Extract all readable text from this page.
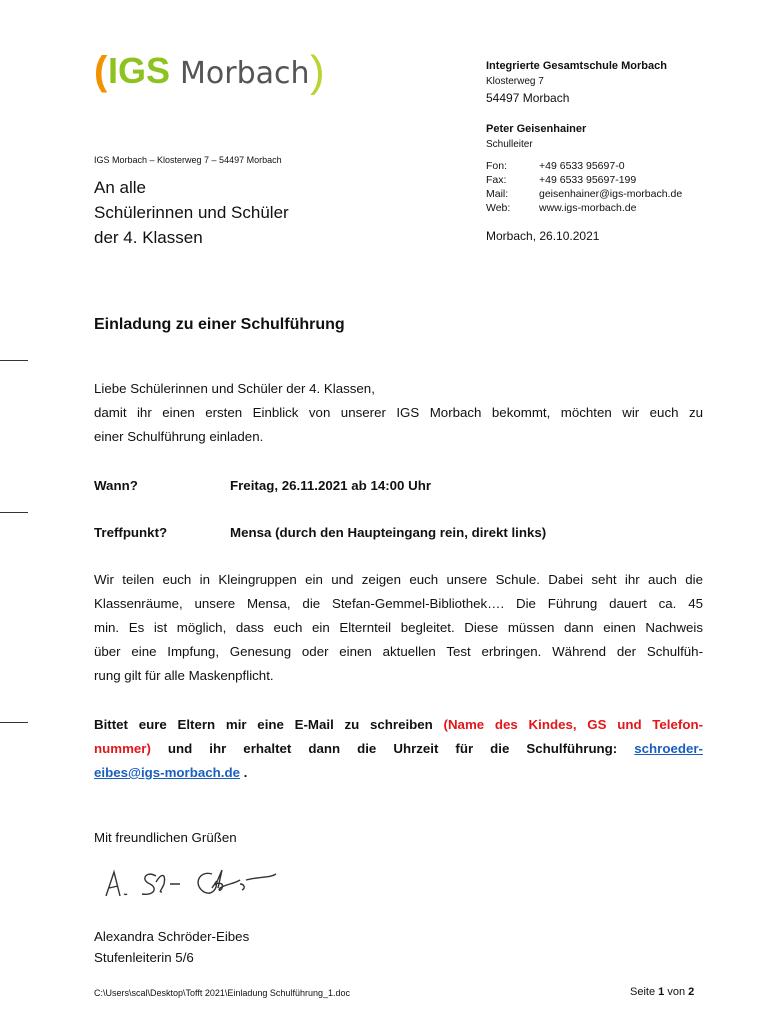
( IGS Morbach )	Integrierte Gesamtschule Morbach
Klosterweg 7
54497 Morbach
Peter Geisenhainer
Schulleiter
Fon:	+49 6533 95697-0
Fax:	+49 6533 95697-199
Mail:	geisenhainer@igs-morbach.de
Web:	www.igs-morbach.de
Morbach, 26.10.2021
IGS Morbach – Klosterweg 7 – 54497 Morbach
An alle
Schülerinnen und Schüler
der 4. Klassen
Einladung zu einer Schulführung
Liebe Schülerinnen und Schüler der 4. Klassen,
damit ihr einen ersten Einblick von unserer IGS Morbach bekommt, möchten wir euch zu
einer Schulführung einladen.
Wann?	Freitag, 26.11.2021 ab 14:00 Uhr
Treffpunkt?	Mensa (durch den Haupteingang rein, direkt links)
Wir teilen euch in Kleingruppen ein und zeigen euch unsere Schule. Dabei seht ihr auch die
Klassenräume, unsere Mensa, die Stefan-Gemmel-Bibliothek…. Die Führung dauert ca. 45
min. Es ist möglich, dass euch ein Elternteil begleitet. Diese müssen dann einen Nachweis
über eine Impfung, Genesung oder einen aktuellen Test erbringen. Während der Schulfüh-
rung gilt für alle Maskenpflicht.
Bittet eure Eltern mir eine E-Mail zu schreiben (Name des Kindes, GS und Telefon-
nummer) und ihr erhaltet dann die Uhrzeit für die Schulführung: schroeder-
eibes@igs-morbach.de .
Mit freundlichen Grüßen
Alexandra Schröder-Eibes
Stufenleiterin 5/6
C:\Users\scal\Desktop\Tofft 2021\Einladung Schulführung_1.doc	Seite 1 von 2
